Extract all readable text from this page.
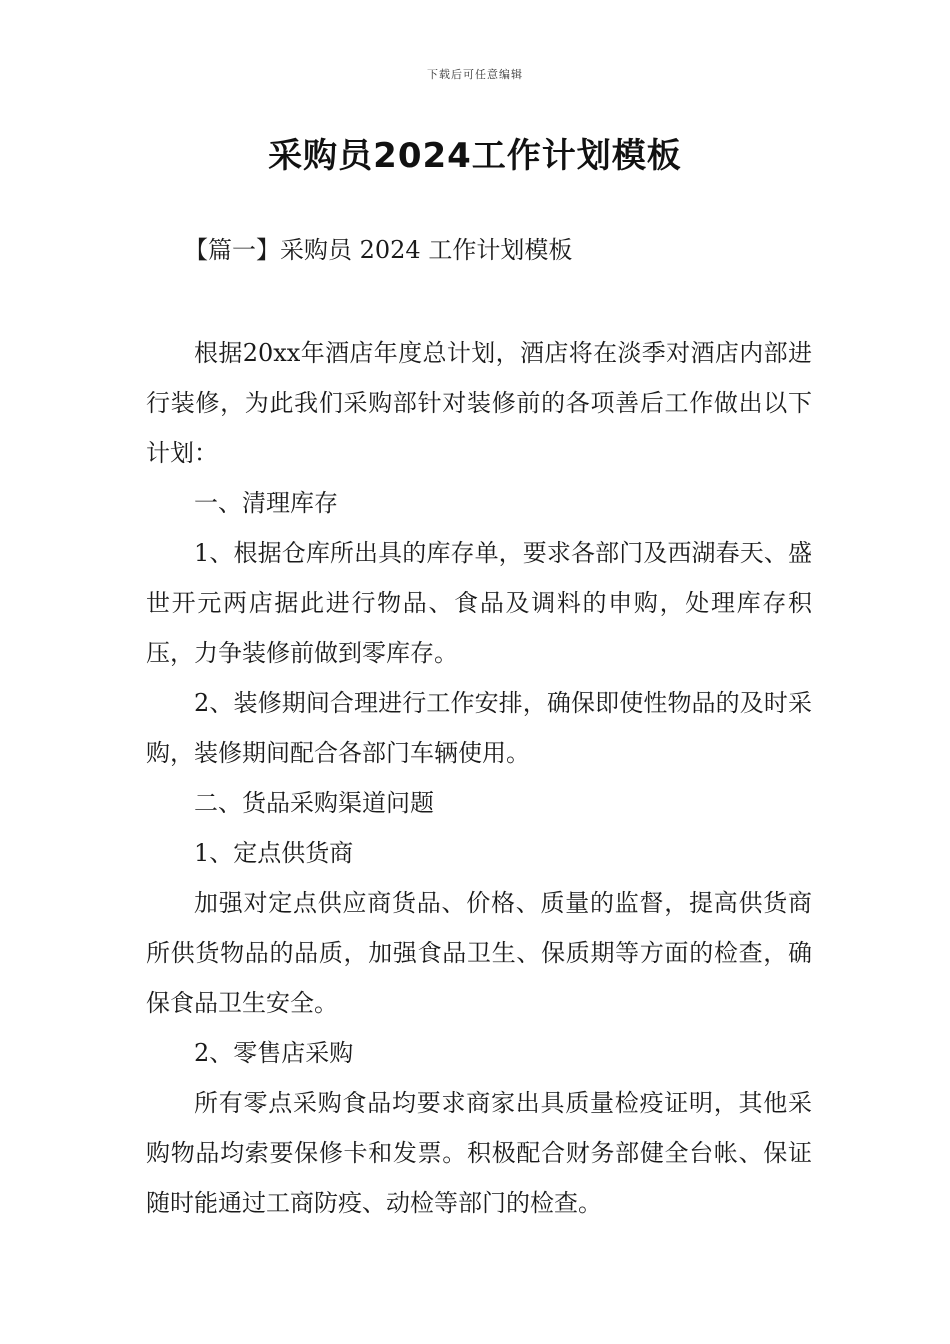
下载后可任意编辑
采购员2024工作计划模板
【篇一】采购员 2024 工作计划模板

根据20xx年酒店年度总计划，酒店将在淡季对酒店内部进行装修，为此我们采购部针对装修前的各项善后工作做出以下计划：

一、清理库存

1、根据仓库所出具的库存单，要求各部门及西湖春天、盛世开元两店据此进行物品、食品及调料的申购，处理库存积压，力争装修前做到零库存。

2、装修期间合理进行工作安排，确保即使性物品的及时采购，装修期间配合各部门车辆使用。

二、货品采购渠道问题

1、定点供货商

加强对定点供应商货品、价格、质量的监督，提高供货商所供货物品的品质，加强食品卫生、保质期等方面的检查，确保食品卫生安全。

2、零售店采购

所有零点采购食品均要求商家出具质量检疫证明，其他采购物品均索要保修卡和发票。积极配合财务部健全台帐、保证随时能通过工商防疫、动检等部门的检查。
